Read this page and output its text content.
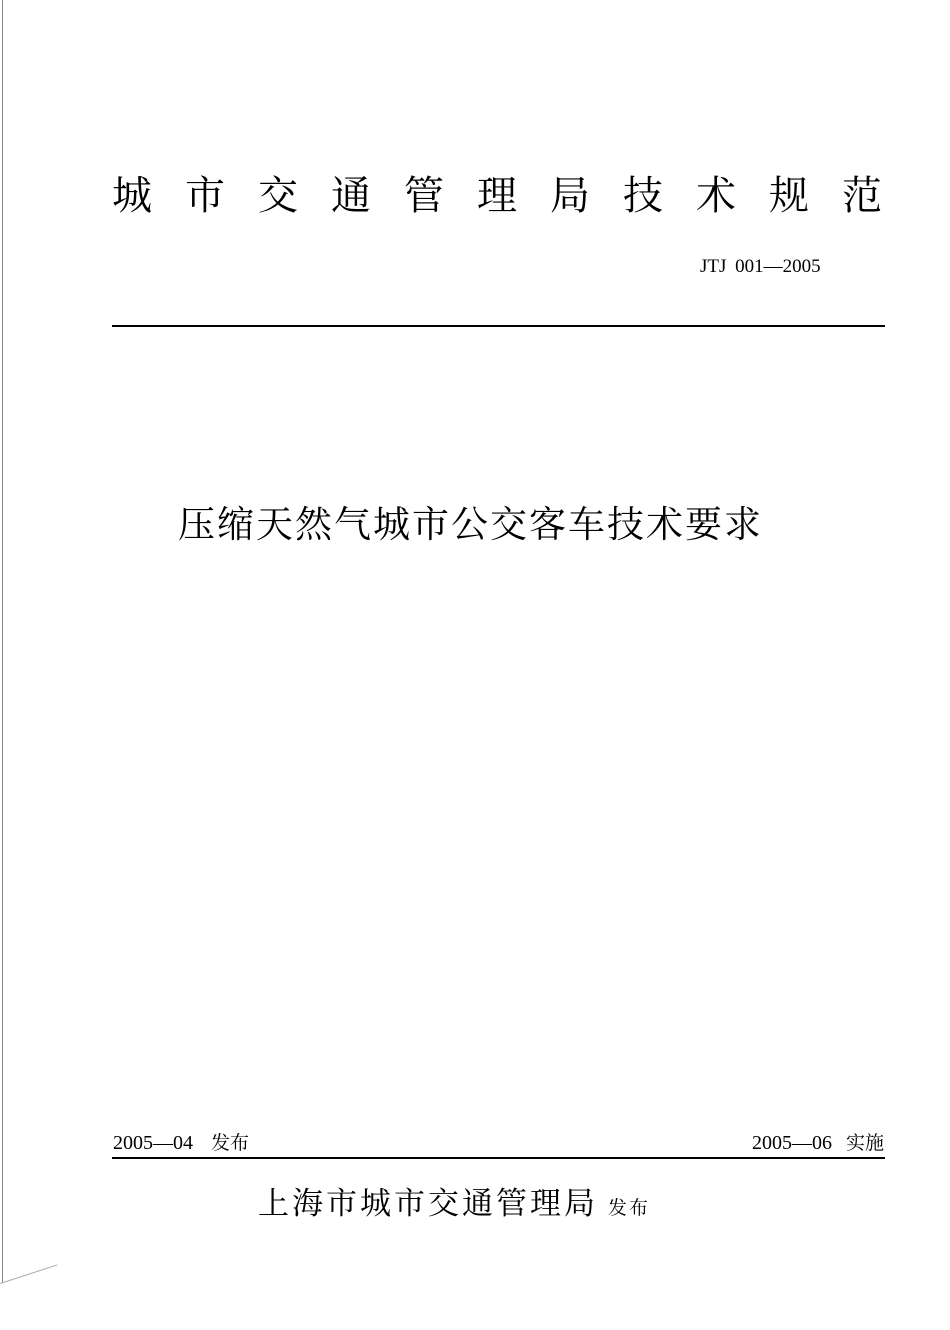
城市交通管理局技术规范
JTJ 001—2005
压缩天然气城市公交客车技术要求
2005—04 发布	2005—06 实施
上海市城市交通管理局 发布
